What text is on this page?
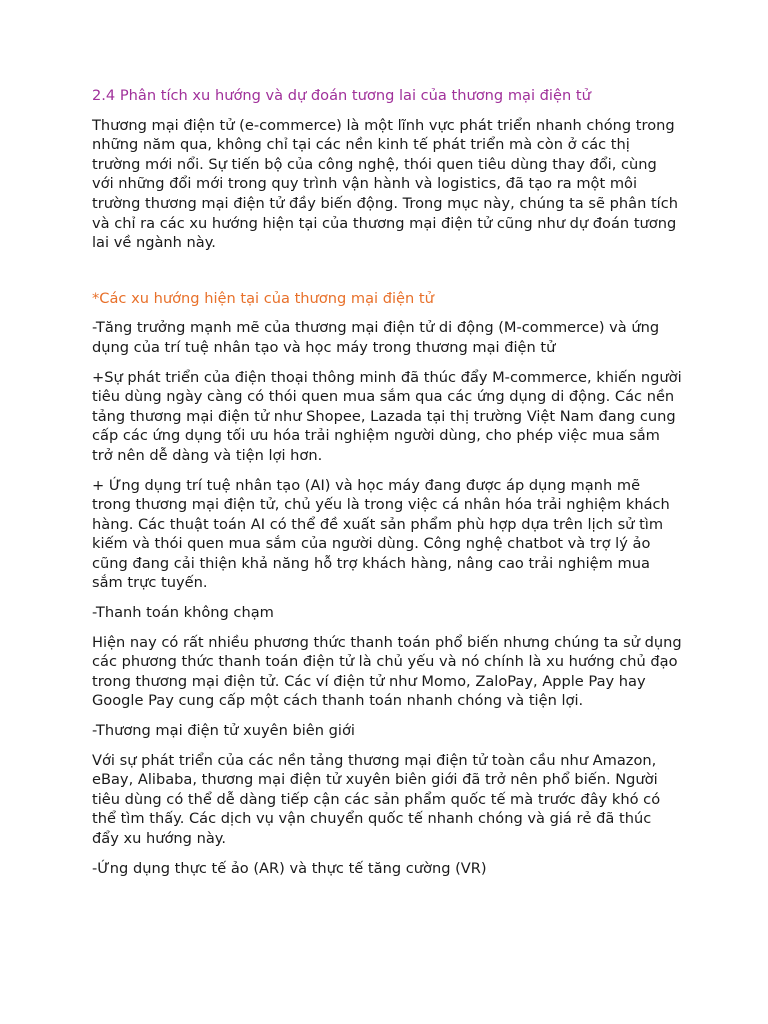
2.4 Phân tích xu hướng và dự đoán tương lai của thương mại điện tử

Thương mại điện tử (e-commerce) là một lĩnh vực phát triển nhanh chóng trong những năm qua, không chỉ tại các nền kinh tế phát triển mà còn ở các thị trường mới nổi. Sự tiến bộ của công nghệ, thói quen tiêu dùng thay đổi, cùng với những đổi mới trong quy trình vận hành và logistics, đã tạo ra một môi trường thương mại điện tử đầy biến động. Trong mục này, chúng ta sẽ phân tích và chỉ ra các xu hướng hiện tại của thương mại điện tử cũng như dự đoán tương lai về ngành này.

*Các xu hướng hiện tại của thương mại điện tử

-Tăng trưởng mạnh mẽ của thương mại điện tử di động (M-commerce) và ứng dụng của trí tuệ nhân tạo và học máy trong thương mại điện tử

+Sự phát triển của điện thoại thông minh đã thúc đẩy M-commerce, khiến người tiêu dùng ngày càng có thói quen mua sắm qua các ứng dụng di động. Các nền tảng thương mại điện tử như Shopee, Lazada tại thị trường Việt Nam đang cung cấp các ứng dụng tối ưu hóa trải nghiệm người dùng, cho phép việc mua sắm trở nên dễ dàng và tiện lợi hơn.

+ Ứng dụng trí tuệ nhân tạo (AI) và học máy đang được áp dụng mạnh mẽ trong thương mại điện tử, chủ yếu là trong việc cá nhân hóa trải nghiệm khách hàng. Các thuật toán AI có thể đề xuất sản phẩm phù hợp dựa trên lịch sử tìm kiếm và thói quen mua sắm của người dùng. Công nghệ chatbot và trợ lý ảo cũng đang cải thiện khả năng hỗ trợ khách hàng, nâng cao trải nghiệm mua sắm trực tuyến.

-Thanh toán không chạm

Hiện nay có rất nhiều phương thức thanh toán phổ biến nhưng chúng ta sử dụng các phương thức thanh toán điện tử là chủ yếu và nó chính là xu hướng chủ đạo trong thương mại điện tử. Các ví điện tử như Momo, ZaloPay, Apple Pay hay Google Pay cung cấp một cách thanh toán nhanh chóng và tiện lợi.

-Thương mại điện tử xuyên biên giới

Với sự phát triển của các nền tảng thương mại điện tử toàn cầu như Amazon, eBay, Alibaba, thương mại điện tử xuyên biên giới đã trở nên phổ biến. Người tiêu dùng có thể dễ dàng tiếp cận các sản phẩm quốc tế mà trước đây khó có thể tìm thấy. Các dịch vụ vận chuyển quốc tế nhanh chóng và giá rẻ đã thúc đẩy xu hướng này.

-Ứng dụng thực tế ảo (AR) và thực tế tăng cường (VR)
